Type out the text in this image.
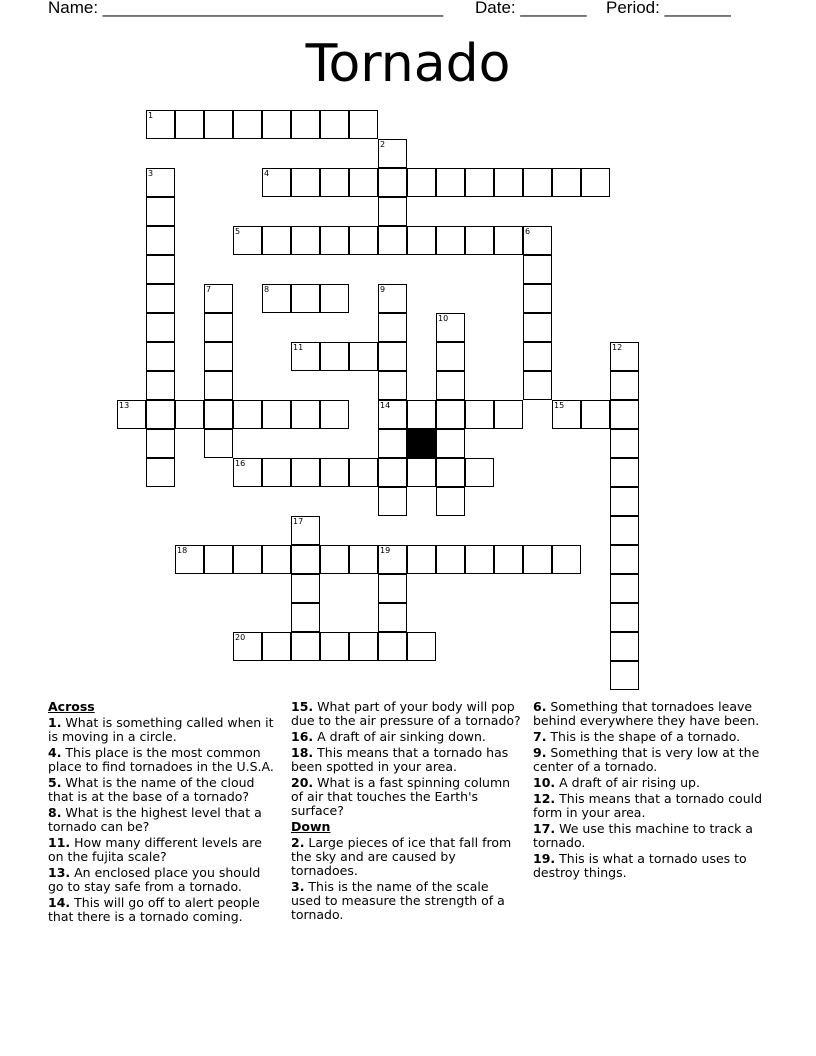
Name: ____________________________________ Date: _______ Period: _______
Tornado
1
2
3	4
5	6
7	8	9
10
11	12
13	14	15
16
17
18	19
20
Across
1. What is something called when it is moving in a circle.
4. This place is the most common place to find tornadoes in the U.S.A.
5. What is the name of the cloud that is at the base of a tornado?
8. What is the highest level that a tornado can be?
11. How many different levels are on the fujita scale?
13. An enclosed place you should go to stay safe from a tornado.
14. This will go off to alert people that there is a tornado coming.
15. What part of your body will pop due to the air pressure of a tornado?
16. A draft of air sinking down.
18. This means that a tornado has been spotted in your area.
20. What is a fast spinning column of air that touches the Earth's surface?
Down
2. Large pieces of ice that fall from the sky and are caused by tornadoes.
3. This is the name of the scale used to measure the strength of a tornado.
6. Something that tornadoes leave behind everywhere they have been.
7. This is the shape of a tornado.
9. Something that is very low at the center of a tornado.
10. A draft of air rising up.
12. This means that a tornado could form in your area.
17. We use this machine to track a tornado.
19. This is what a tornado uses to destroy things.
